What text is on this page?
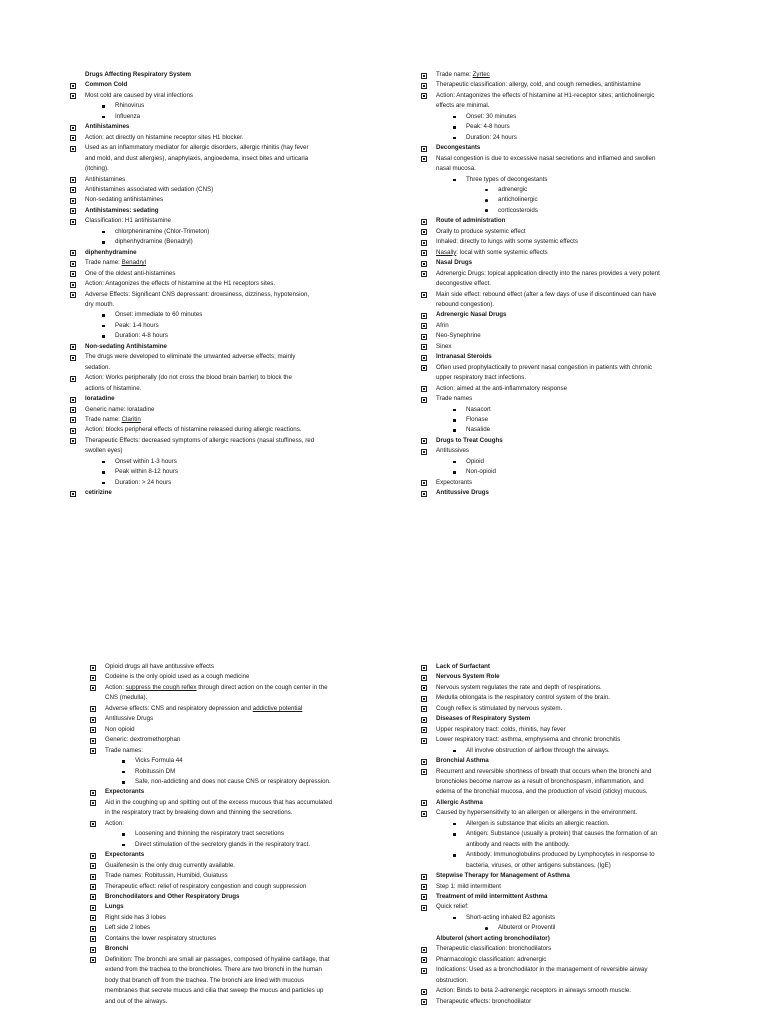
Drugs Affecting Respiratory System
Common Cold
Most cold are caused by viral infections
Rhinovirus
Influenza
Antihistamines
Action: act directly on histamine receptor sites H1 blocker.
Used as an inflammatory mediator for allergic disorders, allergic rhinitis (hay fever
and mold, and dust allergies), anaphylaxis, angioedema, insect bites and urticaria
(itching).
Antihistamines
Antihistamines associated with sedation (CNS)
Non-sedating antihistamines
Antihistamines: sedating
Classification: H1 antihistamine
chlorpheniramine (Chlor-Trimeton)
diphenhydramine (Benadryl)
diphenhydramine
Trade name: Benadryl
One of the oldest anti-histamines
Action: Antagonizes the effects of histamine at the H1 receptors sites.
Adverse Effects: Significant CNS depressant: drowsiness, dizziness, hypotension,
dry mouth.
Onset: immediate to 60 minutes
Peak: 1-4 hours
Duration: 4-8 hours
Non-sedating Antihistamine
The drugs were developed to eliminate the unwanted adverse effects; mainly
sedation.
Action: Works peripherally (do not cross the blood brain barrier) to block the
actions of histamine.
loratadine
Generic name: loratadine
Trade name: Claritin
Action: blocks peripheral effects of histamine released during allergic reactions.
Therapeutic Effects: decreased symptoms of allergic reactions (nasal stuffiness, red
swollen eyes)
Onset within 1-3 hours
Peak within 8-12 hours
Duration: > 24 hours
cetirizine
Trade name: Zyrtec
Therapeutic classification: allergy, cold, and cough remedies, antihistamine
Action: Antagonizes the effects of histamine at H1-receptor sites; anticholinergic
effects are minimal.
Onset: 30 minutes
Peak: 4-8 hours
Duration: 24 hours
Decongestants
Nasal congestion is due to excessive nasal secretions and inflamed and swollen
nasal mucosa.
Three types of decongestants
adrenergic
anticholinergic
corticosteroids
Route of administration
Orally to produce systemic effect
Inhaled: directly to lungs with some systemic effects
Nasally: local with some systemic effects
Nasal Drugs
Adrenergic Drugs: topical application directly into the nares provides a very potent
decongestive effect.
Main side effect: rebound effect (after a few days of use if discontinued can have
rebound congestion).
Adrenergic Nasal Drugs
Afrin
Neo-Synephrine
Sinex
Intranasal Steroids
Often used prophylactically to prevent nasal congestion in patients with chronic
upper respiratory tract infections.
Action: aimed at the anti-inflammatory response
Trade names
Nasacort
Flonase
Nasalide
Drugs to Treat Coughs
Antitussives
Opioid
Non-opioid
Expectorants
Antitussive Drugs
Opioid drugs all have antitussive effects
Codeine is the only opioid used as a cough medicine
Action: suppress the cough reflex through direct action on the cough center in the
CNS (medulla).
Adverse effects: CNS and respiratory depression and addictive potential
Antitussive Drugs
Non opioid
Generic: dextromethorphan
Trade names:
Vicks Formula 44
Robitussin DM
Safe, non-addicting and does not cause CNS or respiratory depression.
Expectorants
Aid in the coughing up and spitting out of the excess mucous that has accumulated
in the respiratory tract by breaking down and thinning the secretions.
Action:
Loosening and thinning the respiratory tract secretions
Direct stimulation of the secretory glands in the respiratory tract.
Expectorants
Guaifenesin is the only drug currently available.
Trade names: Robitussin, Humibid, Guiatuss
Therapeutic effect: relief of respiratory congestion and cough suppression
Bronchodilators and Other Respiratory Drugs
Lungs
Right side has 3 lobes
Left side 2 lobes
Contains the lower respiratory structures
Bronchi
Definition: The bronchi are small air passages, composed of hyaline cartilage, that
extend from the trachea to the bronchioles. There are two bronchi in the human
body that branch off from the trachea. The bronchi are lined with mucous
membranes that secrete mucus and cilia that sweep the mucus and particles up
and out of the airways.
Lack of Surfactant
Nervous System Role
Nervous system regulates the rate and depth of respirations.
Medulla oblongata is the respiratory control system of the brain.
Cough reflex is stimulated by nervous system.
Diseases of Respiratory System
Upper respiratory tract: colds, rhinitis, hay fever
Lower respiratory tract: asthma, emphysema and chronic bronchitis
All involve obstruction of airflow through the airways.
Bronchial Asthma
Recurrent and reversible shortness of breath that occurs when the bronchi and
bronchioles become narrow as a result of bronchospasm, inflammation, and
edema of the bronchial mucosa, and the production of viscid (sticky) mucous.
Allergic Asthma
Caused by hypersensitivity to an allergen or allergens in the environment.
Allergen is substance that elicits an allergic reaction.
Antigen: Substance (usually a protein) that causes the formation of an
antibody and reacts with the antibody.
Antibody: Immunoglobulins produced by Lymphocytes in response to
bacteria, viruses, or other antigens substances. (IgE)
Stepwise Therapy for Management of Asthma
Step 1: mild intermittent
Treatment of mild intermittent Asthma
Quick relief:
Short-acting inhaled B2 agonists
Albuterol or Proventil
Albuterol (short acting bronchodilator)
Therapeutic classification: bronchodilators
Pharmacologic classification: adrenergic
Indications: Used as a bronchodilator in the management of reversible airway
obstruction.
Action: Binds to beta 2-adrenergic receptors in airways smooth muscle.
Therapeutic effects: bronchodilator
